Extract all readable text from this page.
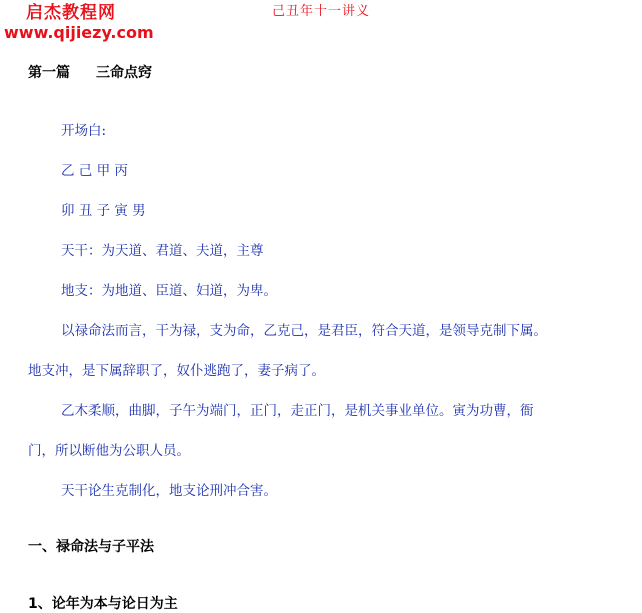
启杰教程网
www.qijiezy.com
己丑年十一讲义
第一篇 三命点窍
开场白:
乙 己 甲 丙
卯 丑 子 寅 男
天干：为天道、君道、夫道，主尊
地支：为地道、臣道、妇道，为卑。
以禄命法而言，干为禄，支为命，乙克己，是君臣，符合天道，是领导克制下属。
地支冲，是下属辞职了，奴仆逃跑了，妻子病了。
乙木柔顺，曲脚，子午为端门，正门，走正门，是机关事业单位。寅为功曹，衙
门，所以断他为公职人员。
天干论生克制化，地支论刑冲合害。
一、禄命法与子平法
1、论年为本与论日为主
